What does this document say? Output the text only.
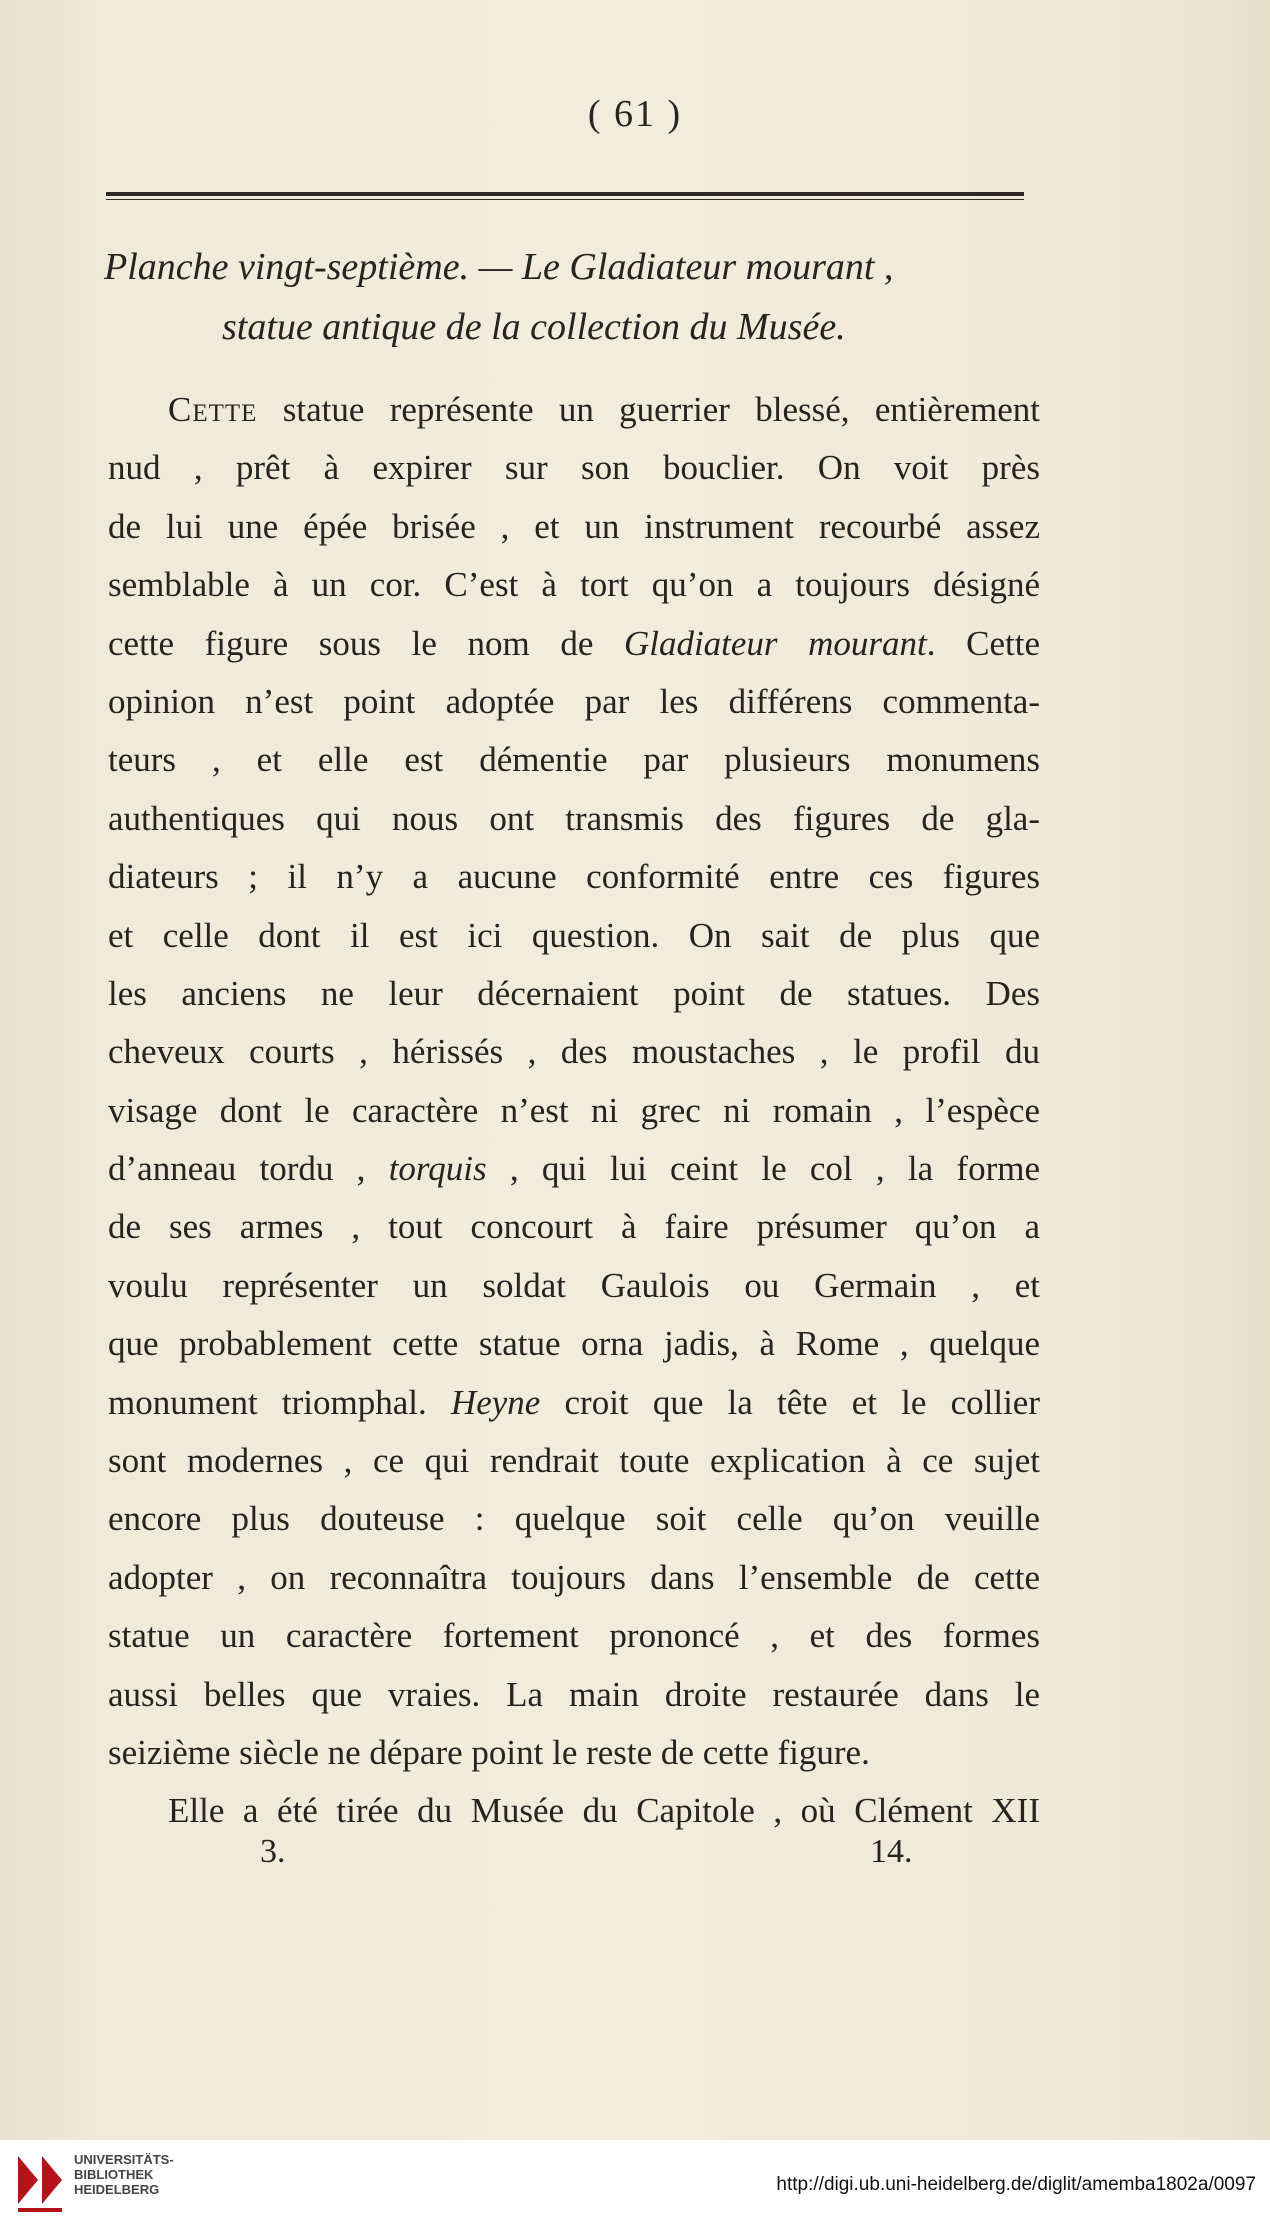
( 61 )
Planche vingt-septième. — Le Gladiateur mourant ,
statue antique de la collection du Musée.
Cette statue représente un guerrier blessé, entièrement
nud , prêt à expirer sur son bouclier. On voit près
de lui une épée brisée , et un instrument recourbé assez
semblable à un cor. C’est à tort qu’on a toujours désigné
cette figure sous le nom de Gladiateur mourant. Cette
opinion n’est point adoptée par les différens commenta-
teurs , et elle est démentie par plusieurs monumens
authentiques qui nous ont transmis des figures de gla-
diateurs ; il n’y a aucune conformité entre ces figures
et celle dont il est ici question. On sait de plus que
les anciens ne leur décernaient point de statues. Des
cheveux courts , hérissés , des moustaches , le profil du
visage dont le caractère n’est ni grec ni romain , l’espèce
d’anneau tordu , torquis , qui lui ceint le col , la forme
de ses armes , tout concourt à faire présumer qu’on a
voulu représenter un soldat Gaulois ou Germain , et
que probablement cette statue orna jadis, à Rome , quelque
monument triomphal. Heyne croit que la tête et le collier
sont modernes , ce qui rendrait toute explication à ce sujet
encore plus douteuse : quelque soit celle qu’on veuille
adopter , on reconnaîtra toujours dans l’ensemble de cette
statue un caractère fortement prononcé , et des formes
aussi belles que vraies. La main droite restaurée dans le
seizième siècle ne dépare point le reste de cette figure.
Elle a été tirée du Musée du Capitole , où Clément XII
3.	14.
UNIVERSITÄTS-
BIBLIOTHEK
HEIDELBERG	http://digi.ub.uni-heidelberg.de/diglit/amemba1802a/0097
